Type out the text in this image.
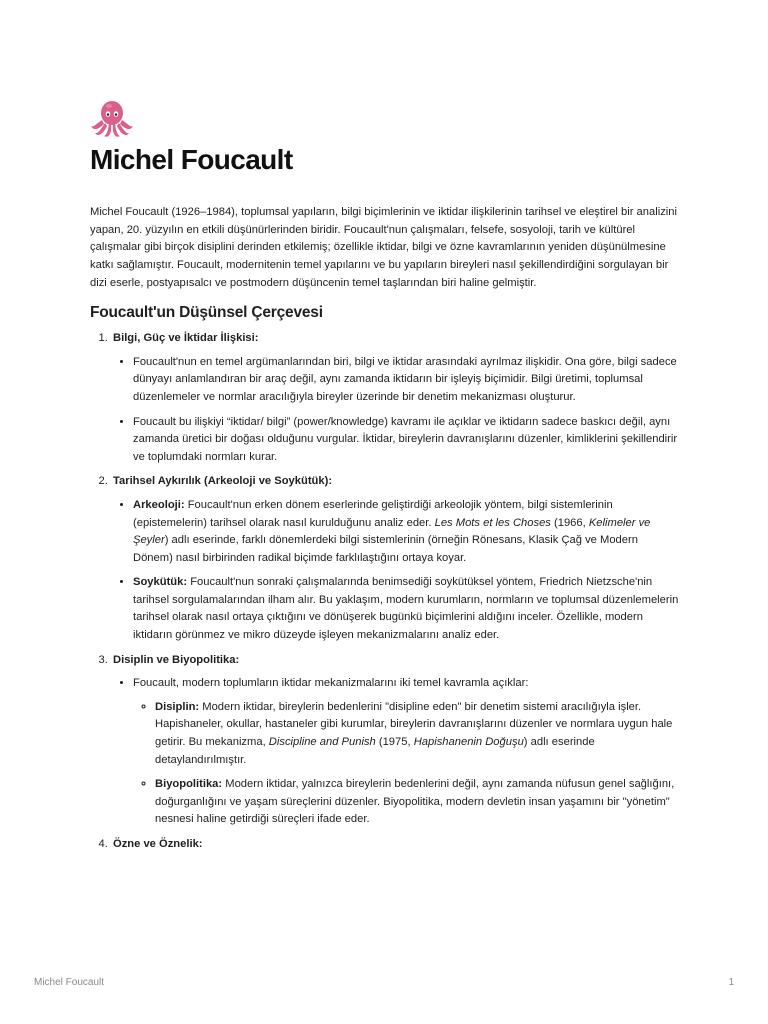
Michel Foucault

Michel Foucault (1926–1984), toplumsal yapıların, bilgi biçimlerinin ve iktidar ilişkilerinin tarihsel ve eleştirel bir analizini yapan, 20. yüzyılın en etkili düşünürlerinden biridir. Foucault'nun çalışmaları, felsefe, sosyoloji, tarih ve kültürel çalışmalar gibi birçok disiplini derinden etkilemiş; özellikle iktidar, bilgi ve özne kavramlarının yeniden düşünülmesine katkı sağlamıştır. Foucault, modernitenin temel yapılarını ve bu yapıların bireyleri nasıl şekillendirdiğini sorgulayan bir dizi eserle, postyapısalcı ve postmodern düşüncenin temel taşlarından biri haline gelmiştir.

Foucault'un Düşünsel Çerçevesi
1. Bilgi, Güç ve İktidar İlişkisi:
• Foucault'nun en temel argümanlarından biri, bilgi ve iktidar arasındaki ayrılmaz ilişkidir. Ona göre, bilgi sadece dünyayı anlamlandıran bir araç değil, aynı zamanda iktidarın bir işleyiş biçimidir. Bilgi üretimi, toplumsal düzenlemeler ve normlar aracılığıyla bireyler üzerinde bir denetim mekanizması oluşturur.
• Foucault bu ilişkiyi “iktidar/ bilgi” (power/knowledge) kavramı ile açıklar ve iktidarın sadece baskıcı değil, aynı zamanda üretici bir doğası olduğunu vurgular. İktidar, bireylerin davranışlarını düzenler, kimliklerini şekillendirir ve toplumdaki normları kurar.
2. Tarihsel Aykırılık (Arkeoloji ve Soykütük):
• Arkeoloji: Foucault'nun erken dönem eserlerinde geliştirdiği arkeolojik yöntem, bilgi sistemlerinin (epistemelerin) tarihsel olarak nasıl kurulduğunu analiz eder. Les Mots et les Choses (1966, Kelimeler ve Şeyler) adlı eserinde, farklı dönemlerdeki bilgi sistemlerinin (örneğin Rönesans, Klasik Çağ ve Modern Dönem) nasıl birbirinden radikal biçimde farklılaştığını ortaya koyar.
• Soykütük: Foucault'nun sonraki çalışmalarında benimsediği soykütüksel yöntem, Friedrich Nietzsche'nin tarihsel sorgulamalarından ilham alır. Bu yaklaşım, modern kurumların, normların ve toplumsal düzenlemelerin tarihsel olarak nasıl ortaya çıktığını ve dönüşerek bugünkü biçimlerini aldığını inceler. Özellikle, modern iktidarın görünmez ve mikro düzeyde işleyen mekanizmalarını analiz eder.
3. Disiplin ve Biyopolitika:
• Foucault, modern toplumların iktidar mekanizmalarını iki temel kavramla açıklar:
◦ Disiplin: Modern iktidar, bireylerin bedenlerini "disipline eden" bir denetim sistemi aracılığıyla işler. Hapishaneler, okullar, hastaneler gibi kurumlar, bireylerin davranışlarını düzenler ve normlara uygun hale getirir. Bu mekanizma, Discipline and Punish (1975, Hapishanenin Doğuşu) adlı eserinde detaylandırılmıştır.
◦ Biyopolitika: Modern iktidar, yalnızca bireylerin bedenlerini değil, aynı zamanda nüfusun genel sağlığını, doğurganlığını ve yaşam süreçlerini düzenler. Biyopolitika, modern devletin insan yaşamını bir "yönetim" nesnesi haline getirdiği süreçleri ifade eder.
4. Özne ve Öznelik:
Michel Foucault	1
